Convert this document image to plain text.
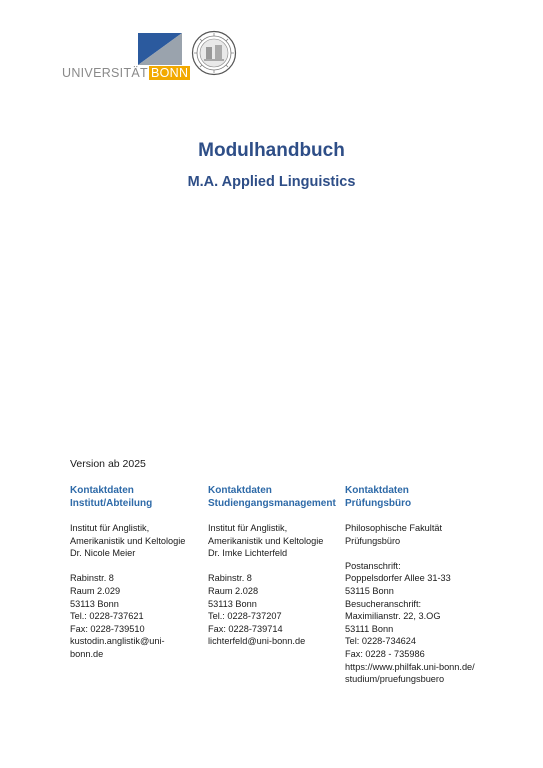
UNIVERSITÄT BONN
Modulhandbuch
M.A. Applied Linguistics
Version ab 2025
Kontaktdaten
Institut/Abteilung
Institut für Anglistik,
Amerikanistik und Keltologie
Dr. Nicole Meier
Rabinstr. 8
Raum 2.029
53113 Bonn
Tel.: 0228-737621
Fax: 0228-739510
kustodin.anglistik@uni-
bonn.de
Kontaktdaten
Studiengangsmanagement
Institut für Anglistik,
Amerikanistik und Keltologie
Dr. Imke Lichterfeld
Rabinstr. 8
Raum 2.028
53113 Bonn
Tel.: 0228-737207
Fax: 0228-739714
lichterfeld@uni-bonn.de
Kontaktdaten
Prüfungsbüro
Philosophische Fakultät
Prüfungsbüro
Postanschrift:
Poppelsdorfer Allee 31-33
53115 Bonn
Besucheranschrift:
Maximilianstr. 22, 3.OG
53111 Bonn
Tel: 0228-734624
Fax: 0228 - 735986
https://www.philfak.uni-bonn.de/
studium/pruefungsbuero
